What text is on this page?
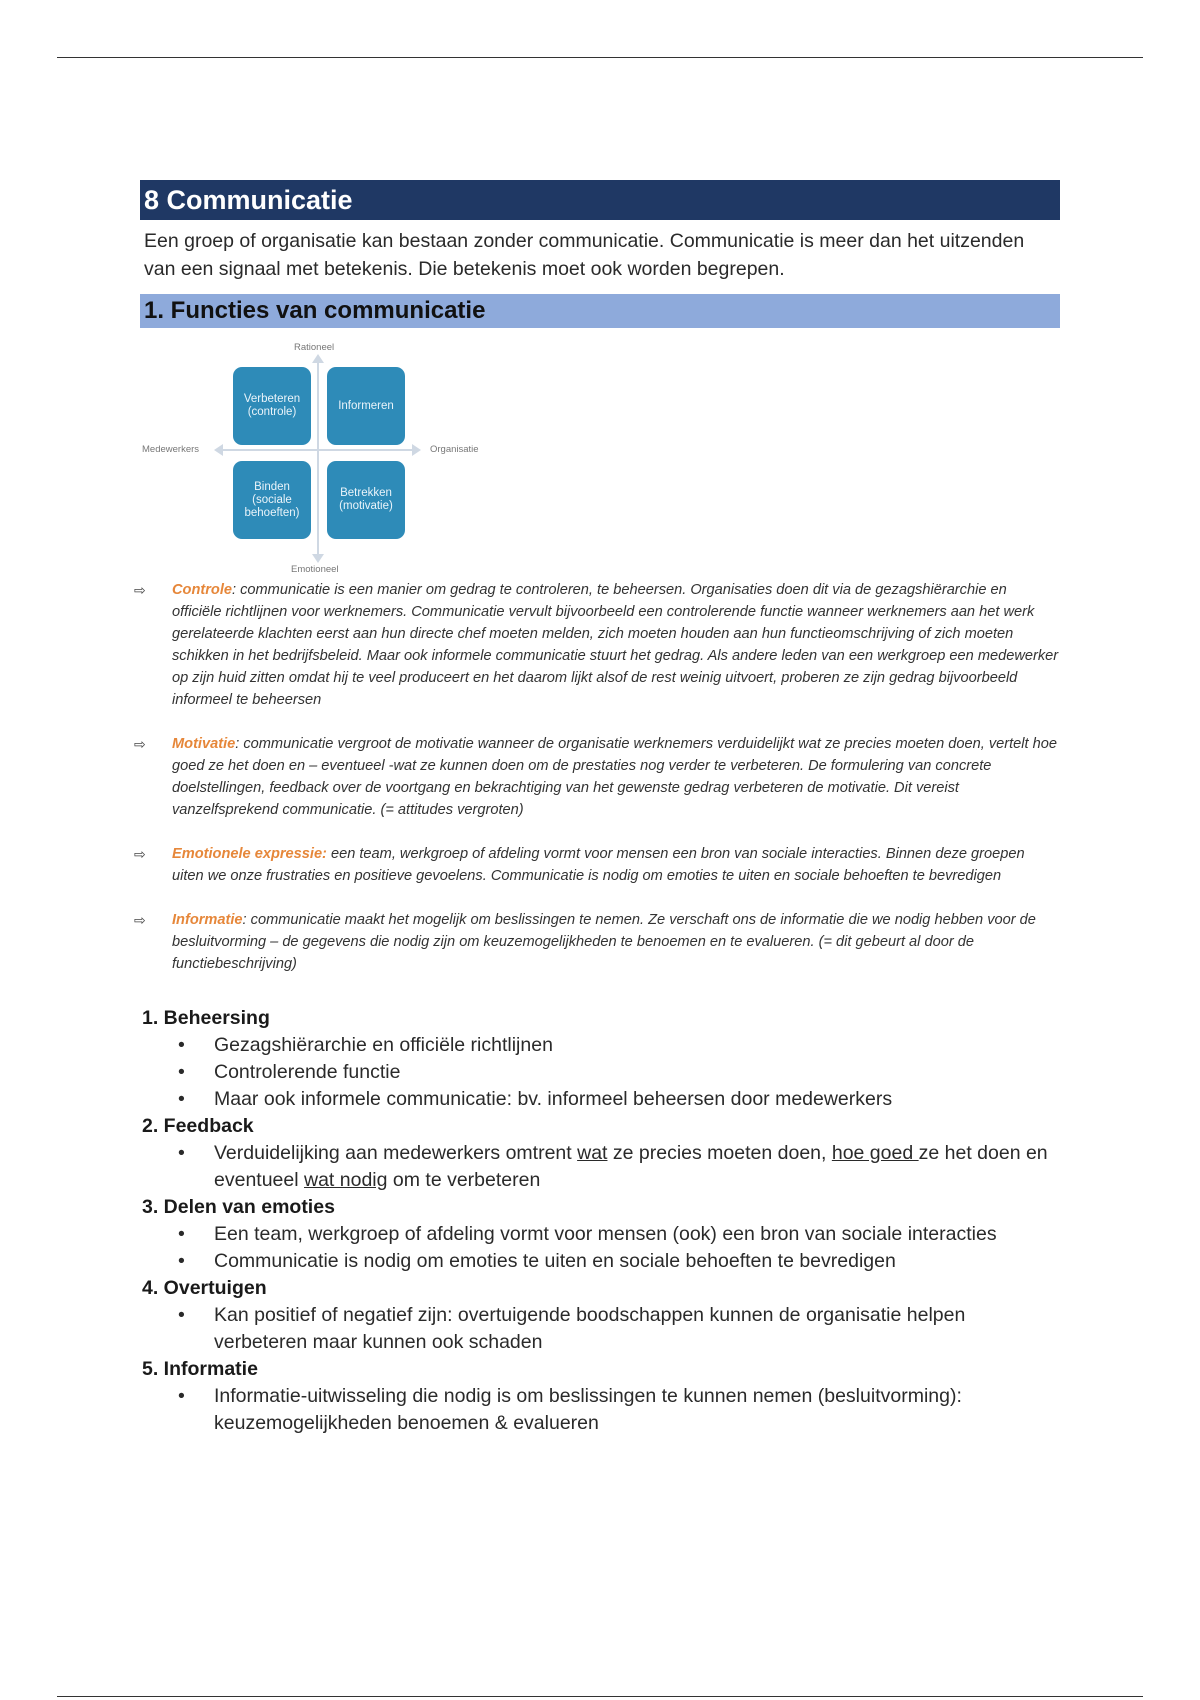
8 Communicatie
Een groep of organisatie kan bestaan zonder communicatie. Communicatie is meer dan het uitzenden van een signaal met betekenis. Die betekenis moet ook worden begrepen.
1. Functies van communicatie
Rationeel
Emotioneel
Medewerkers	Organisatie
Verbeteren (controle)
Informeren
Binden (sociale behoeften)
Betrekken (motivatie)
⇨ Controle: communicatie is een manier om gedrag te controleren, te beheersen. Organisaties doen dit via de gezagshiërarchie en officiële richtlijnen voor werknemers. Communicatie vervult bijvoorbeeld een controlerende functie wanneer werknemers aan het werk gerelateerde klachten eerst aan hun directe chef moeten melden, zich moeten houden aan hun functieomschrijving of zich moeten schikken in het bedrijfsbeleid. Maar ook informele communicatie stuurt het gedrag. Als andere leden van een werkgroep een medewerker op zijn huid zitten omdat hij te veel produceert en het daarom lijkt alsof de rest weinig uitvoert, proberen ze zijn gedrag bijvoorbeeld informeel te beheersen
⇨ Motivatie: communicatie vergroot de motivatie wanneer de organisatie werknemers verduidelijkt wat ze precies moeten doen, vertelt hoe goed ze het doen en – eventueel -wat ze kunnen doen om de prestaties nog verder te verbeteren. De formulering van concrete doelstellingen, feedback over de voortgang en bekrachtiging van het gewenste gedrag verbeteren de motivatie. Dit vereist vanzelfsprekend communicatie. (= attitudes vergroten)
⇨ Emotionele expressie: een team, werkgroep of afdeling vormt voor mensen een bron van sociale interacties. Binnen deze groepen uiten we onze frustraties en positieve gevoelens. Communicatie is nodig om emoties te uiten en sociale behoeften te bevredigen
⇨ Informatie: communicatie maakt het mogelijk om beslissingen te nemen. Ze verschaft ons de informatie die we nodig hebben voor de besluitvorming – de gegevens die nodig zijn om keuzemogelijkheden te benoemen en te evalueren. (= dit gebeurt al door de functiebeschrijving)
1. Beheersing
• Gezagshiërarchie en officiële richtlijnen
• Controlerende functie
• Maar ook informele communicatie: bv. informeel beheersen door medewerkers
2. Feedback
• Verduidelijking aan medewerkers omtrent wat ze precies moeten doen, hoe goed ze het doen en eventueel wat nodig om te verbeteren
3. Delen van emoties
• Een team, werkgroep of afdeling vormt voor mensen (ook) een bron van sociale interacties
• Communicatie is nodig om emoties te uiten en sociale behoeften te bevredigen
4. Overtuigen
• Kan positief of negatief zijn: overtuigende boodschappen kunnen de organisatie helpen verbeteren maar kunnen ook schaden
5. Informatie
• Informatie-uitwisseling die nodig is om beslissingen te kunnen nemen (besluitvorming): keuzemogelijkheden benoemen & evalueren
